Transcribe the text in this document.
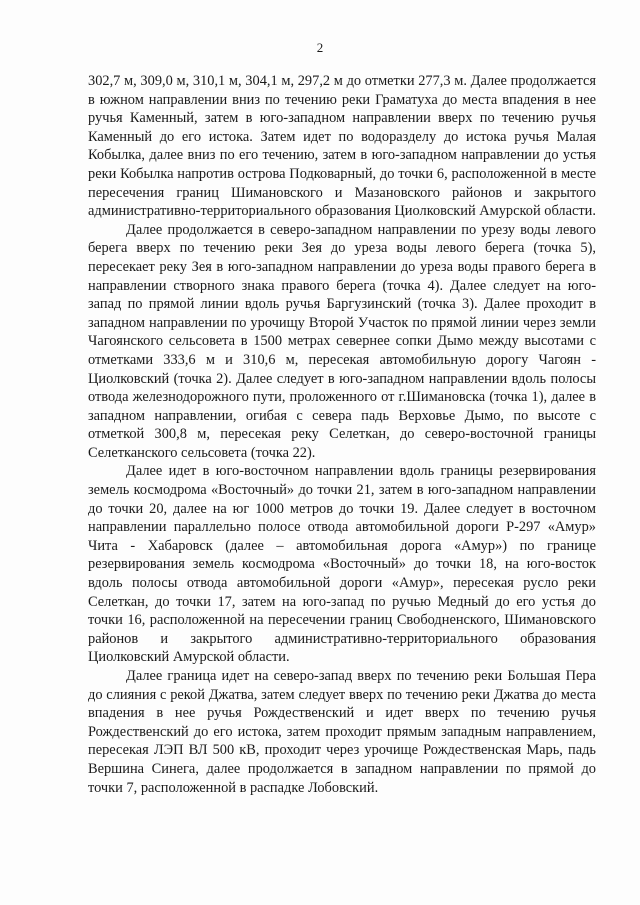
2

302,7 м, 309,0 м, 310,1 м, 304,1 м, 297,2 м до отметки 277,3 м. Далее продолжается в южном направлении вниз по течению реки Граматуха до места впадения в нее ручья Каменный, затем в юго-западном направлении вверх по течению ручья Каменный до его истока. Затем идет по водоразделу до истока ручья Малая Кобылка, далее вниз по его течению, затем в юго-западном направлении до устья реки Кобылка напротив острова Подковарный, до точки 6, расположенной в месте пересечения границ Шимановского и Мазановского районов и закрытого административно-территориального образования Циолковский Амурской области.

Далее продолжается в северо-западном направлении по урезу воды левого берега вверх по течению реки Зея до уреза воды левого берега (точка 5), пересекает реку Зея в юго-западном направлении до уреза воды правого берега в направлении створного знака правого берега (точка 4). Далее следует на юго-запад по прямой линии вдоль ручья Баргузинский (точка 3). Далее проходит в западном направлении по урочищу Второй Участок по прямой линии через земли Чагоянского сельсовета в 1500 метрах севернее сопки Дымо между высотами с отметками 333,6 м и 310,6 м, пересекая автомобильную дорогу Чагоян - Циолковский (точка 2). Далее следует в юго-западном направлении вдоль полосы отвода железнодорожного пути, проложенного от г.Шимановска (точка 1), далее в западном направлении, огибая с севера падь Верховье Дымо, по высоте с отметкой 300,8 м, пересекая реку Селеткан, до северо-восточной границы Селетканского сельсовета (точка 22).

Далее идет в юго-восточном направлении вдоль границы резервирования земель космодрома «Восточный» до точки 21, затем в юго-западном направлении до точки 20, далее на юг 1000 метров до точки 19. Далее следует в восточном направлении параллельно полосе отвода автомобильной дороги Р-297 «Амур» Чита - Хабаровск (далее – автомобильная дорога «Амур») по границе резервирования земель космодрома «Восточный» до точки 18, на юго-восток вдоль полосы отвода автомобильной дороги «Амур», пересекая русло реки Селеткан, до точки 17, затем на юго-запад по ручью Медный до его устья до точки 16, расположенной на пересечении границ Свободненского, Шимановского районов и закрытого административно-территориального образования Циолковский Амурской области.

Далее граница идет на северо-запад вверх по течению реки Большая Пера до слияния с рекой Джатва, затем следует вверх по течению реки Джатва до места впадения в нее ручья Рождественский и идет вверх по течению ручья Рождественский до его истока, затем проходит прямым западным направлением, пересекая ЛЭП ВЛ 500 кВ, проходит через урочище Рождественская Марь, падь Вершина Синега, далее продолжается в западном направлении по прямой до точки 7, расположенной в распадке Лобовский.
